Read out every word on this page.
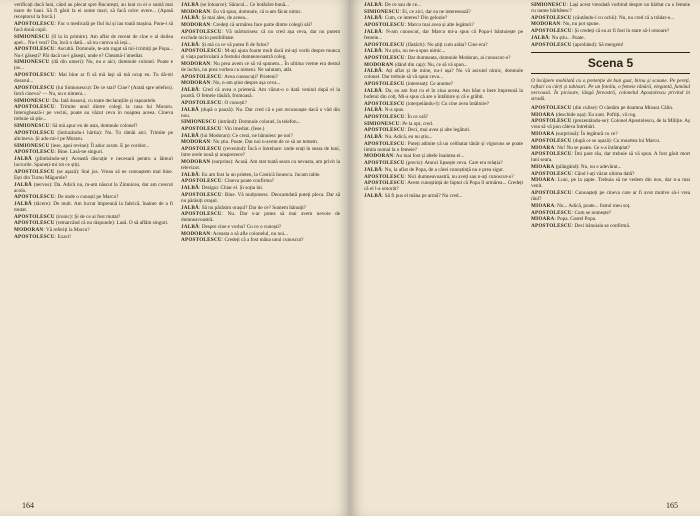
verificați dacă luni, când au plecat spre București, au luat cu ei o sumă mai mare de bani. Să fi găsit la ei sume mari, să facă orice avere... (Apasă receptorul la furcă.)

APOSTOLESCU: Fac o medicală pe fiul lui și iau toată mașina. Pune-i să facă două copii.

SIMIONESCU (îl ia în primire). Am aflat de recent de cine e al doilea apel... Nu-l vezi? Da, încă o dată... să nu cumva să ieși...

APOSTOLESCU: Ascultă. Domnule, te-am rugat să mi-l trimiți pe Popa... Nu-l găsești? Păi dacă nu-l găsești, unde e? Cheamă-l imediat.

SIMIONESCU (dă din umeri): Nu, nu e aici, domnule colonel. Poate e jos...

APOSTOLESCU: Mai bine ar fi să mă lași să mă ocup eu. Tu dă-mi dosarul...

APOSTOLESCU (lui Simionescu): De ce stai? Cine? (Arată spre telefon). Intră cineva? — Nu, nu e nimeni...

SIMIONESCU: Da. Iată dosarul, cu toate declarațiile și rapoartele.

APOSTOLESCU: Trimite unul dintre colegi la casa lui Moraru. Interoghează-i pe vecini, poate au văzut ceva în noaptea aceea. Cineva trebuie să știe...

SIMIONESCU: Să mă apuc eu de asta, domnule colonel?

APOSTOLESCU (întinzându-i hârtia): Nu. Tu rămâi aici. Trimite pe altcineva. Și adu-mi-l pe Moraru.

SIMIONESCU (iese, apoi revine): Îl aduc acum. E pe coridor...

APOSTOLESCU: Bine. Lasă-ne singuri.

JALBĂ (plimbându-se): Această discuție e necesară pentru a lămuri lucrurile. Spuneți-mi tot ce știți.

APOSTOLESCU (se așază): Stai jos. Vreau să ne cunoaștem mai bine. Ești din Turnu Măgurele?

JALBĂ (nervos): Da. Adică nu, m-am născut la Zimnicea, dar am crescut acolo.

APOSTOLESCU: De unde o cunoști pe Marcu?

JALBĂ (tăcere): De mult. Am lucrat împreună la fabrică, înainte de a fi mutat.

APOSTOLESCU (ironic): Și de ce ai fost mutat?

APOSTOLESCU (remarcând că nu răspunde): Lasă. O să aflăm singuri.

MODORAN: Vă referiți la Marcu?

APOSTOLESCU: Exact!

JALBĂ (se întoarce): Săracul... Ce hotărâre bună...

MODORAN: Eu vă spun, domnule, că n-am făcut nimic.

JALBĂ: Și mai ales, de aceea...

MODORAN: Credeți că urmărea face parte dintre colegii săi?

APOSTOLESCU: Vă mărturisesc că nu cred așa ceva, dar nu putem exclude nicio posibilitate.

JALBĂ: Și mă ca ce vă putea fi de folos?

APOSTOLESCU: M-ați ajuta foarte mult dacă mi-ați vorbi despre munca și viața particulară a fostului dumneavoastră coleg.

MODORAN: Nu prea avem ce să vă spunem... În ultima vreme era destul de închis, nu prea vorbea cu nimeni. Ne salutam, atât.

APOSTOLESCU: Avea cunoscuți? Prieteni?

MODORAN: Nu, n-am știut despre așa ceva...

JALBĂ: Cred că avea o prietenă. Am văzut-o o dată venind după el la poartă. O femeie tânără, frumoasă.

APOSTOLESCU: O cunoști?

JALBĂ (după o pauză): Nu. Dar cred că o pot recunoaște dacă o văd din nou.

SIMIONESCU (intrând): Domnule colonel, la telefon...

APOSTOLESCU: Vin imediat. (Iese.)

JALBĂ (lui Modoran): Ce crezi, ne bănuiesc pe noi?

MODORAN: Nu știu. Poate. Dar noi n-avem de ce să ne temem.

APOSTOLESCU (revenind): Încă o întrebare: unde erați în seara de luni, între orele nouă și unsprezece?

MODORAN (surprins): Acasă. Am stat toată seara cu nevasta, am privit la televizor.

JALBĂ: Eu am fost la un prieten, la Costică Ionescu. Jucam table.

APOSTOLESCU: Cineva poate confirma?

JALBĂ: Desigur. Chiar el. Și soția lui.

APOSTOLESCU: Bine. Vă mulțumesc. Deocamdată puteți pleca. Dar să nu părăsiți orașul.

JALBĂ: Să nu părăsim orașul? Dar de ce? Suntem bănuiți?

APOSTOLESCU: Nu. Dar s-ar putea să mai avem nevoie de dumneavoastră.

JALBĂ: Despre cine e vorba? Cu ce o cunoști?

MODORAN: Aceasta o să afle colonelul, nu noi...

APOSTOLESCU: Credeți că a fost mâna unui cunoscut?

164

JALBĂ: De ce sau de ce...

SIMIONESCU: Ei, ce zici, dar ea ne interesează?

JALBĂ: Cum, ce interes? Din gelozie?

APOSTOLESCU: Marcu mai avea și alte legături?

JALBĂ: N-am cunoscut, dar Marcu mi-a spus că Popa-l bântuiește pe femeie...

APOSTOLESCU (fâstâcit): Nu știți cum arăta? Cine era?

JALBĂ: Nu știu, nu ne-a spus nimic...

APOSTOLESCU: Dar dumneata, domnule Modoran, ai cunoscut-o?

MODORAN (dând din cap): Nu, ce să vă spun...

JALBĂ: Ați aflat și de mine, nu-i așa? Nu vă ascund nimic, domnule colonel. Dar trebuie să vă spun ceva...

APOSTOLESCU (interesat): Ce anume?

JALBĂ: Da, eu am fost cu el în ziua aceea. Am băut o bere împreună la bufetul din colț. Mi-a spus că are o întâlnire și că e grăbit.

APOSTOLESCU (interpelându-l): Cu cine avea întâlnire?

JALBĂ: N-a spus.

APOSTOLESCU: În ce oră?

SIMIONESCU: Pe la opt, cred.

APOSTOLESCU: Deci, mai avea și alte legături.

JALBĂ: Nu. Adică, eu nu știu...

APOSTOLESCU: Puteți admite că un celibatar tânăr și vigurous se poate limita numai la o femeie?

MODORAN: Au mai fost și altele înaintea ei...

APOSTOLESCU (precis): Atunci lipsește ceva. Care era relația?

JALBĂ: Nu, la aflat de Popa, de a cărei cunoștință nu e prea sigur.

APOSTOLESCU: Nici dumneavoastră, nu aveți sau n-ați cunoscut-o?

APOSTOLESCU: Avem cunoștință de faptul că Popa îl urmărea... Credeți că el l-a omorât?

JALBĂ: Să fi pus el mâna pe armă? Nu cred...

SIMIONESCU: Lași acest vreodată vorbind despre un bărbat cu o femeie cu nume bărbătesc?

APOSTOLESCU (căutându-l cu ochii): Nu, nu cred că a trădat-o...

MODORAN: Nu, nu pot spune.

APOSTOLESCU: Și credeți că ea ar fi fost în stare să-l omoare?

JALBĂ: Nu știu... Poate.

APOSTOLESCU (aprobând): Să mergem!

Scena 5
O încăpere mobilată cu o pretenție de bun gust, birou și scaune. Pe pereți, rafturi cu cărți și tablouri. Pe un fotoliu, o femeie tânără, elegantă, fumând nervoasă. În picioare, lângă fereastră, colonelul Apostolescu privind în stradă.

APOSTOLESCU (din culise): O căutăm pe doamna Mioara Călin.

MIOARA (deschide ușa): Eu sunt. Poftiți, vă rog.

APOSTOLESCU (prezentându-se): Colonel Apostolescu, de la Miliție. Aș vrea să vă pun câteva întrebări.

MIOARA (surprinsă): În legătură cu ce?

APOSTOLESCU (după ce se așază): Cu moartea lui Marcu.

MIOARA: Nu! Nu se poate. Ce s-a întâmplat?

APOSTOLESCU: Îmi pare rău, dar trebuie să vă spun. A fost găsit mort luni seara.

MIOARA (plângând): Nu, nu e adevărat...

APOSTOLESCU: Când l-ați văzut ultima dată?

MIOARA: Luni, pe la șapte. Trebuia să ne vedem din nou, dar n-a mai venit.

APOSTOLESCU: Cunoașteți pe cineva care ar fi avut motive să-i vrea răul?

MIOARA: Nu... Adică, poate... fostul meu soț.

APOSTOLESCU: Cum se numește?

MIOARA: Popa. Costel Popa.

APOSTOLESCU: Deci bănuiala se confirmă.

165
